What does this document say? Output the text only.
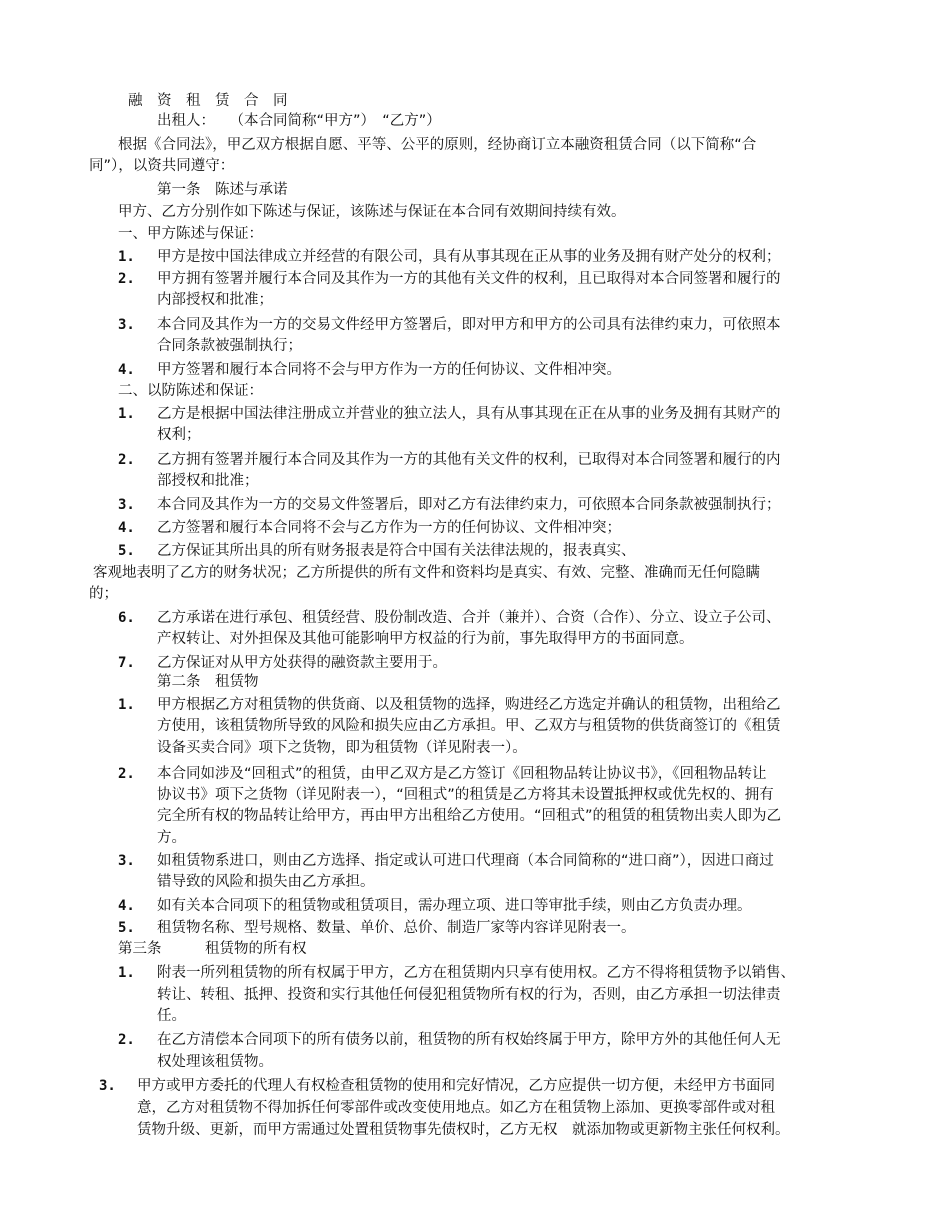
融　资　租　赁　合　同
出租人：　　（本合同简称“甲方”）　“乙方”）
根据《合同法》，甲乙双方根据自愿、平等、公平的原则，经协商订立本融资租赁合同（以下简称“合
同”），以资共同遵守：
第一条　陈述与承诺
甲方、乙方分别作如下陈述与保证，该陈述与保证在本合同有效期间持续有效。
一、甲方陈述与保证：
1. 甲方是按中国法律成立并经营的有限公司，具有从事其现在正从事的业务及拥有财产处分的权利；
2. 甲方拥有签署并履行本合同及其作为一方的其他有关文件的权利，且已取得对本合同签署和履行的
内部授权和批准；
3. 本合同及其作为一方的交易文件经甲方签署后，即对甲方和甲方的公司具有法律约束力，可依照本
合同条款被强制执行；
4. 甲方签署和履行本合同将不会与甲方作为一方的任何协议、文件相冲突。
二、以防陈述和保证：
1. 乙方是根据中国法律注册成立并营业的独立法人，具有从事其现在正在从事的业务及拥有其财产的
权利；
2. 乙方拥有签署并履行本合同及其作为一方的其他有关文件的权利，已取得对本合同签署和履行的内
部授权和批准；
3. 本合同及其作为一方的交易文件签署后，即对乙方有法律约束力，可依照本合同条款被强制执行；
4. 乙方签署和履行本合同将不会与乙方作为一方的任何协议、文件相冲突；
5. 乙方保证其所出具的所有财务报表是符合中国有关法律法规的，报表真实、
客观地表明了乙方的财务状况；乙方所提供的所有文件和资料均是真实、有效、完整、准确而无任何隐瞒
的；
6. 乙方承诺在进行承包、租赁经营、股份制改造、合并（兼并）、合资（合作）、分立、设立子公司、
产权转让、对外担保及其他可能影响甲方权益的行为前，事先取得甲方的书面同意。
7. 乙方保证对从甲方处获得的融资款主要用于。
第二条　租赁物
1. 甲方根据乙方对租赁物的供货商、以及租赁物的选择，购进经乙方选定并确认的租赁物，出租给乙
方使用，该租赁物所导致的风险和损失应由乙方承担。甲、乙双方与租赁物的供货商签订的《租赁
设备买卖合同》项下之货物，即为租赁物（详见附表一）。
2. 本合同如涉及“回租式”的租赁，由甲乙双方是乙方签订《回租物品转让协议书》，《回租物品转让
协议书》项下之货物（详见附表一），“回租式”的租赁是乙方将其未设置抵押权或优先权的、拥有
完全所有权的物品转让给甲方，再由甲方出租给乙方使用。“回租式”的租赁的租赁物出卖人即为乙
方。
3. 如租赁物系进口，则由乙方选择、指定或认可进口代理商（本合同简称的“进口商”），因进口商过
错导致的风险和损失由乙方承担。
4. 如有关本合同项下的租赁物或租赁项目，需办理立项、进口等审批手续，则由乙方负责办理。
5. 租赁物名称、型号规格、数量、单价、总价、制造厂家等内容详见附表一。
第三条　　　租赁物的所有权
1. 附表一所列租赁物的所有权属于甲方，乙方在租赁期内只享有使用权。乙方不得将租赁物予以销售、
转让、转租、抵押、投资和实行其他任何侵犯租赁物所有权的行为，否则，由乙方承担一切法律责
任。
2. 在乙方清偿本合同项下的所有债务以前，租赁物的所有权始终属于甲方，除甲方外的其他任何人无
权处理该租赁物。
3. 甲方或甲方委托的代理人有权检查租赁物的使用和完好情况，乙方应提供一切方便，未经甲方书面同
意，乙方对租赁物不得加拆任何零部件或改变使用地点。如乙方在租赁物上添加、更换零部件或对租
赁物升级、更新，而甲方需通过处置租赁物事先债权时，乙方无权　就添加物或更新物主张任何权利。
